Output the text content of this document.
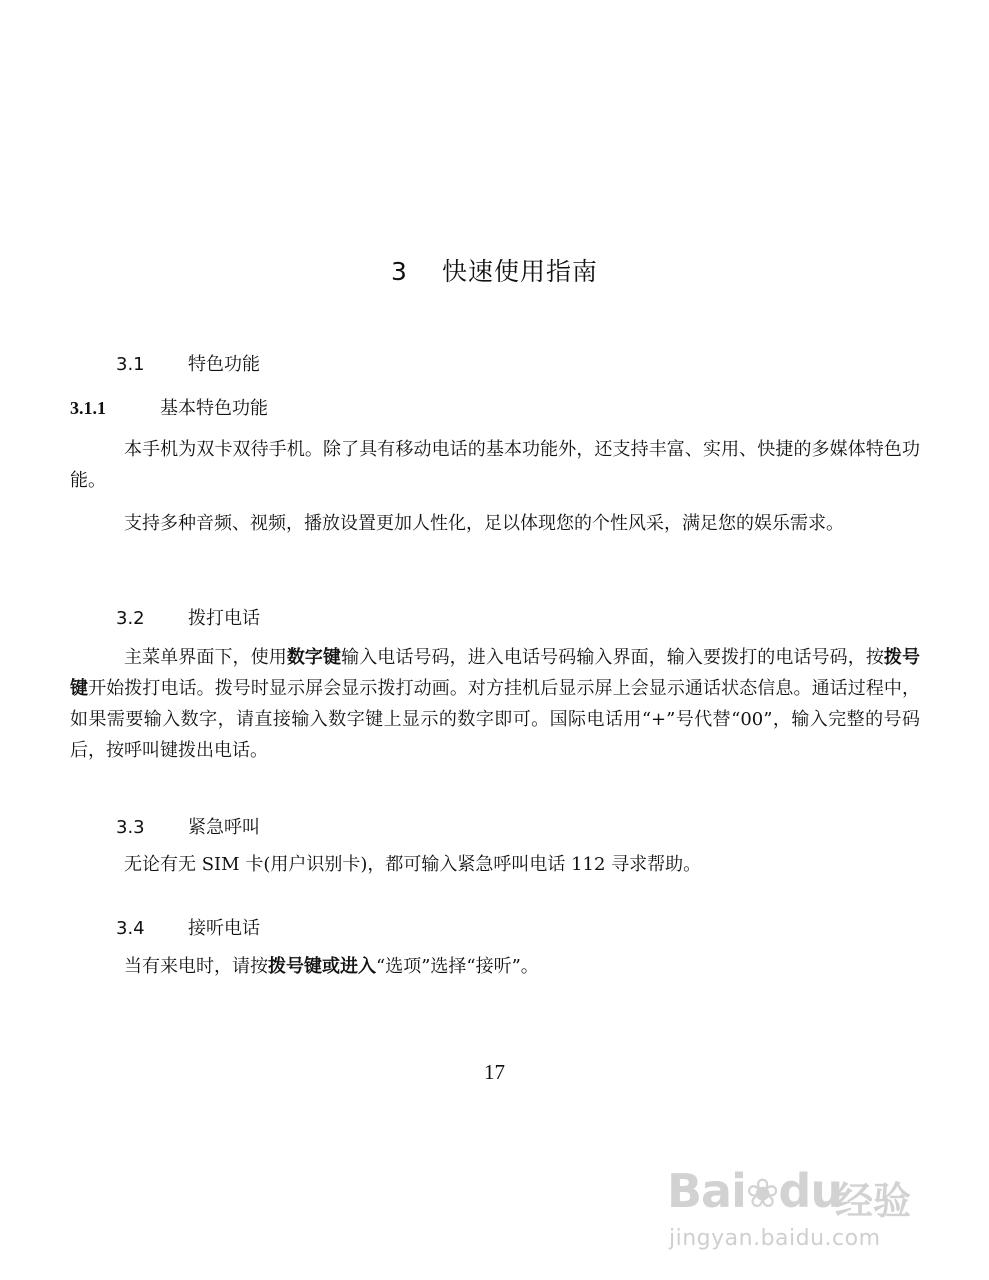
3 快速使用指南
3.1 特色功能
3.1.1	基本特色功能
本手机为双卡双待手机。除了具有移动电话的基本功能外，还支持丰富、实用、快捷的多媒体特色功能。
支持多种音频、视频，播放设置更加人性化，足以体现您的个性风采，满足您的娱乐需求。
3.2 拨打电话
主菜单界面下，使用数字键输入电话号码，进入电话号码输入界面，输入要拨打的电话号码，按拨号键开始拨打电话。拨号时显示屏会显示拨打动画。对方挂机后显示屏上会显示通话状态信息。通话过程中，如果需要输入数字，请直接输入数字键上显示的数字即可。国际电话用“+”号代替“00”，输入完整的号码后，按呼叫键拨出电话。
3.3 紧急呼叫
无论有无 SIM 卡(用户识别卡)，都可输入紧急呼叫电话 112 寻求帮助。
3.4 接听电话
当有来电时，请按拨号键或进入“选项”选择“接听”。
17
Bai❀du
经验
jingyan.baidu.com
